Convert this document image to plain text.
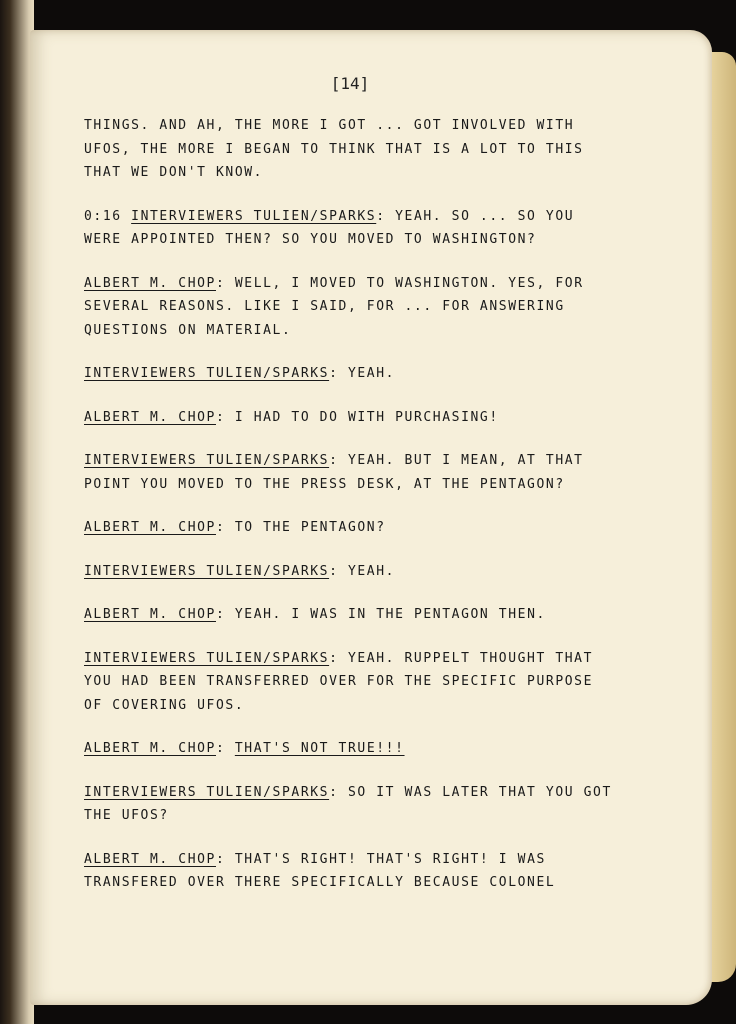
[14]
THINGS. AND AH, THE MORE I GOT ... GOT INVOLVED WITH
UFOS, THE MORE I BEGAN TO THINK THAT IS A LOT TO THIS
THAT WE DON'T KNOW.
0:16 INTERVIEWERS TULIEN/SPARKS: YEAH. SO ... SO YOU
WERE APPOINTED THEN? SO YOU MOVED TO WASHINGTON?
ALBERT M. CHOP: WELL, I MOVED TO WASHINGTON. YES, FOR
SEVERAL REASONS. LIKE I SAID, FOR ... FOR ANSWERING
QUESTIONS ON MATERIAL.
INTERVIEWERS TULIEN/SPARKS: YEAH.
ALBERT M. CHOP: I HAD TO DO WITH PURCHASING!
INTERVIEWERS TULIEN/SPARKS: YEAH. BUT I MEAN, AT THAT
POINT YOU MOVED TO THE PRESS DESK, AT THE PENTAGON?
ALBERT M. CHOP: TO THE PENTAGON?
INTERVIEWERS TULIEN/SPARKS: YEAH.
ALBERT M. CHOP: YEAH. I WAS IN THE PENTAGON THEN.
INTERVIEWERS TULIEN/SPARKS: YEAH. RUPPELT THOUGHT THAT
YOU HAD BEEN TRANSFERRED OVER FOR THE SPECIFIC PURPOSE
OF COVERING UFOS.
ALBERT M. CHOP: THAT'S NOT TRUE!!!
INTERVIEWERS TULIEN/SPARKS: SO IT WAS LATER THAT YOU GOT
THE UFOS?
ALBERT M. CHOP: THAT'S RIGHT! THAT'S RIGHT! I WAS
TRANSFERED OVER THERE SPECIFICALLY BECAUSE COLONEL
